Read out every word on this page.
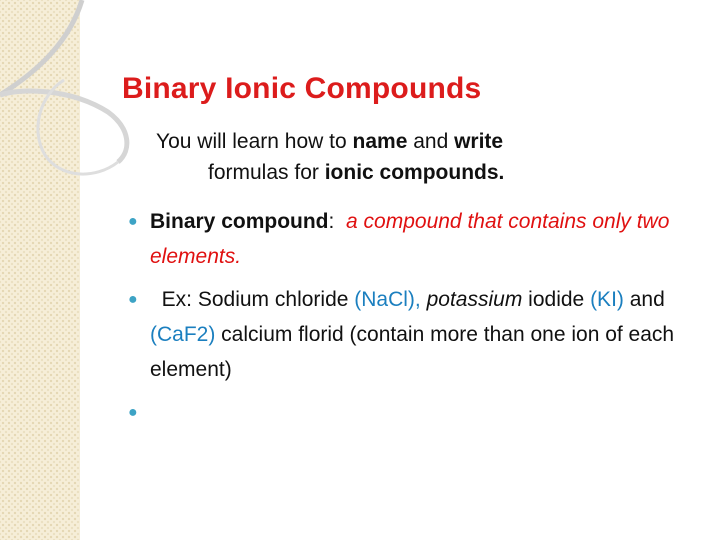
Binary Ionic Compounds
You will learn how to name and write
formulas for ionic compounds.
● Binary compound: a compound that contains only two elements.
● Ex: Sodium chloride (NaCl), potassium iodide (KI) and (CaF2) calcium florid (contain more than one ion of each element)
●
